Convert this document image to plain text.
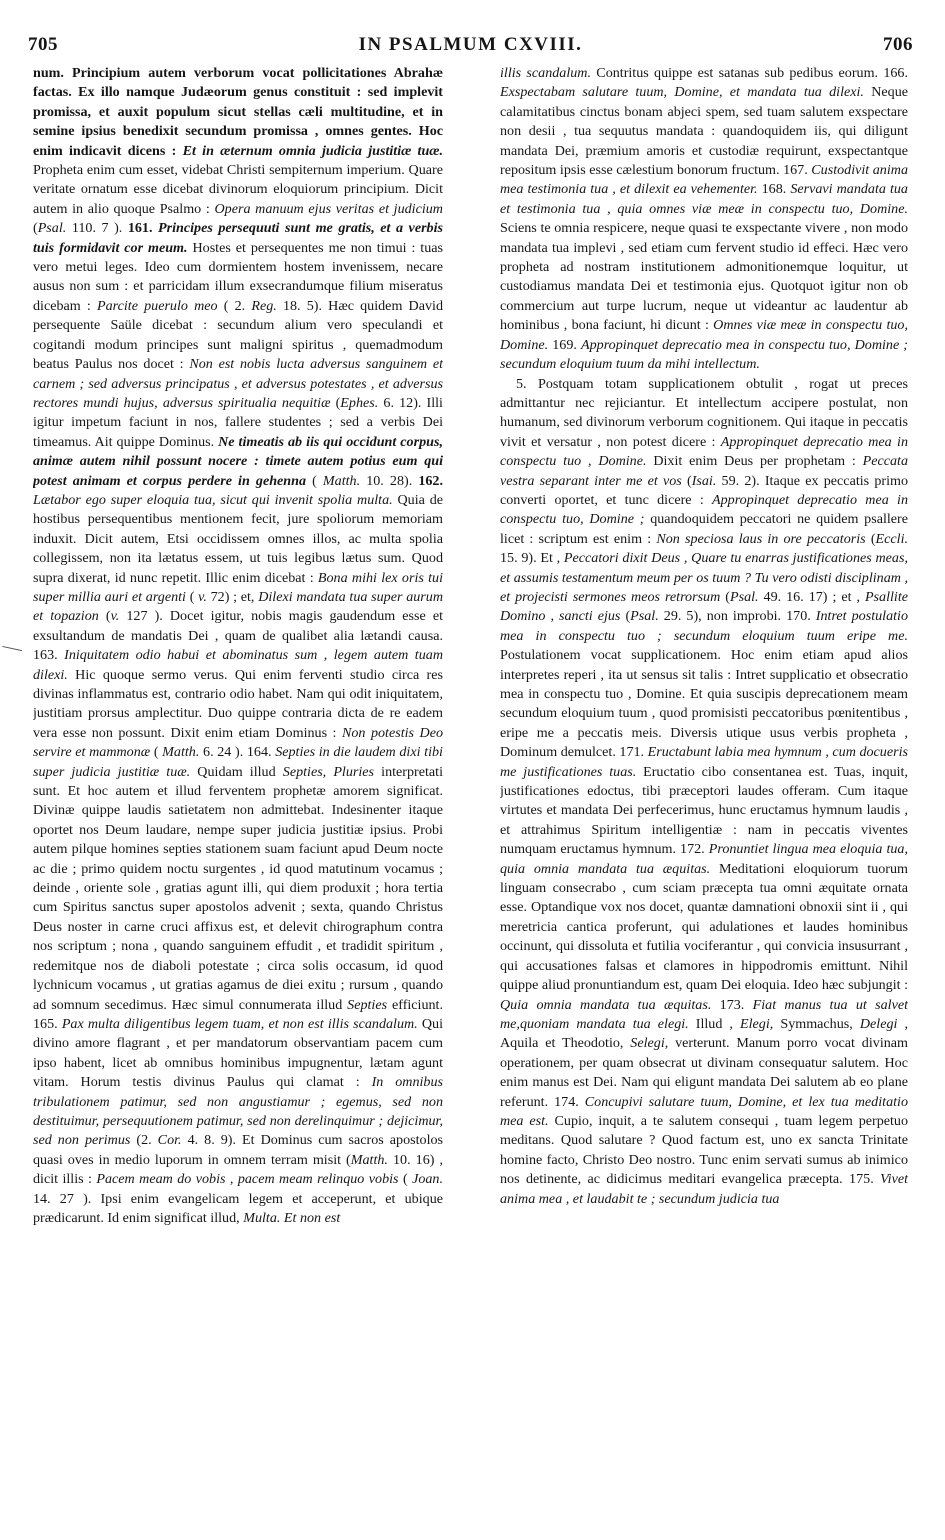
705	IN PSALMUM CXVIII.	706

num. Principium autem verborum vocat pollicitationes Abrahæ factas. Ex illo namque Judæorum genus constituit : sed implevit promissa, et auxit populum sicut stellas cæli multitudine, et in semine ipsius benedixit secundum promissa , omnes gentes. Hoc enim indicavit dicens : Et in æternum omnia judicia justitiæ tuæ. Propheta enim cum esset, videbat Christi sempiternum imperium. Quare veritate ornatum esse dicebat divinorum eloquiorum principium. Dicit autem in alio quoque Psalmo : Opera manuum ejus veritas et judicium (Psal. 110. 7 ). 161. Principes persequuti sunt me gratis, et a verbis tuis formidavit cor meum. Hostes et persequentes me non timui : tuas vero metui leges. Ideo cum dormientem hostem invenissem, necare ausus non sum : et parricidam illum exsecrandumque filium miseratus dicebam : Parcite puerulo meo ( 2. Reg. 18. 5). Hæc quidem David persequente Saüle dicebat : secundum alium vero speculandi et cogitandi modum principes sunt maligni spiritus , quemadmodum beatus Paulus nos docet : Non est nobis lucta adversus sanguinem et carnem ; sed adversus principatus , et adversus potestates , et adversus rectores mundi hujus, adversus spiritualia nequitiæ (Ephes. 6. 12). Illi igitur impetum faciunt in nos, fallere studentes ; sed a verbis Dei timeamus. Ait quippe Dominus. Ne timeatis ab iis qui occidunt corpus, animæ autem nihil possunt nocere : timete autem potius eum qui potest animam et corpus perdere in gehenna ( Matth. 10. 28). 162. Lætabor ego super eloquia tua, sicut qui invenit spolia multa. Quia de hostibus persequentibus mentionem fecit, jure spoliorum memoriam induxit. Dicit autem, Etsi occidissem omnes illos, ac multa spolia collegissem, non ita lætatus essem, ut tuis legibus lætus sum. Quod supra dixerat, id nunc repetit. Illic enim dicebat : Bona mihi lex oris tui super millia auri et argenti ( v. 72) ; et, Dilexi mandata tua super aurum et topazion (v. 127 ). Docet igitur, nobis magis gaudendum esse et exsultandum de mandatis Dei , quam de qualibet alia lætandi causa. 163. Iniquitatem odio habui et abominatus sum , legem autem tuam dilexi. Hic quoque sermo verus. Qui enim ferventi studio circa res divinas inflammatus est, contrario odio habet. Nam qui odit iniquitatem, justitiam prorsus amplectitur. Duo quippe contraria dicta de re eadem vera esse non possunt. Dixit enim etiam Dominus : Non potestis Deo servire et mammonæ ( Matth. 6. 24 ). 164. Septies in die laudem dixi tibi super judicia justitiæ tuæ. Quidam illud Septies, Pluries interpretati sunt. Et hoc autem et illud ferventem prophetæ amorem significat. Divinæ quippe laudis satietatem non admittebat. Indesinenter itaque oportet nos Deum laudare, nempe super judicia justitiæ ipsius. Probi autem pilque homines septies stationem suam faciunt apud Deum nocte ac die ; primo quidem noctu surgentes , id quod matutinum vocamus ; deinde , oriente sole , gratias agunt illi, qui diem produxit ; hora tertia cum Spiritus sanctus super apostolos advenit ; sexta, quando Christus Deus noster in carne cruci affixus est, et delevit chirographum contra nos scriptum ; nona , quando sanguinem effudit , et tradidit spiritum , redemitque nos de diaboli potestate ; circa solis occasum, id quod lychnicum vocamus , ut gratias agamus de diei exitu ; rursum , quando ad somnum secedimus. Hæc simul connumerata illud Septies efficiunt. 165. Pax multa diligentibus legem tuam, et non est illis scandalum. Qui divino amore flagrant , et per mandatorum observantiam pacem cum ipso habent, licet ab omnibus hominibus impugnentur, lætam agunt vitam. Horum testis divinus Paulus qui clamat : In omnibus tribulationem patimur, sed non angustiamur ; egemus, sed non destituimur, persequutionem patimur, sed non derelinquimur ; dejicimur, sed non perimus (2. Cor. 4. 8. 9). Et Dominus cum sacros apostolos quasi oves in medio luporum in omnem terram misit (Matth. 10. 16) , dicit illis : Pacem meam do vobis , pacem meam relinquo vobis ( Joan. 14. 27 ). Ipsi enim evangelicam legem et acceperunt, et ubique prædicarunt. Id enim significat illud, Multa. Et non est

illis scandalum. Contritus quippe est satanas sub pedibus eorum. 166. Exspectabam salutare tuum, Domine, et mandata tua dilexi. Neque calamitatibus cinctus bonam abjeci spem, sed tuam salutem exspectare non desii , tua sequutus mandata : quandoquidem iis, qui diligunt mandata Dei, præmium amoris et custodiæ requirunt, exspectantque repositum ipsis esse cælestium bonorum fructum. 167. Custodivit anima mea testimonia tua , et dilexit ea vehementer. 168. Servavi mandata tua et testimonia tua , quia omnes viæ meæ in conspectu tuo, Domine. Sciens te omnia respicere, neque quasi te exspectante vivere , non modo mandata tua implevi , sed etiam cum fervent studio id effeci. Hæc vero propheta ad nostram institutionem admonitionemque loquitur, ut custodiamus mandata Dei et testimonia ejus. Quotquot igitur non ob commercium aut turpe lucrum, neque ut videantur ac laudentur ab hominibus , bona faciunt, hi dicunt : Omnes viæ meæ in conspectu tuo, Domine. 169. Appropinquet deprecatio mea in conspectu tuo, Domine ; secundum eloquium tuum da mihi intellectum.

5. Postquam totam supplicationem obtulit , rogat ut preces admittantur nec rejiciantur. Et intellectum accipere postulat, non humanum, sed divinorum verborum cognitionem. Qui itaque in peccatis vivit et versatur , non potest dicere : Appropinquet deprecatio mea in conspectu tuo , Domine. Dixit enim Deus per prophetam : Peccata vestra separant inter me et vos (Isai. 59. 2). Itaque ex peccatis primo converti oportet, et tunc dicere : Appropinquet deprecatio mea in conspectu tuo, Domine ; quandoquidem peccatori ne quidem psallere licet : scriptum est enim : Non speciosa laus in ore peccatoris (Eccli. 15. 9). Et , Peccatori dixit Deus , Quare tu enarras justificationes meas, et assumis testamentum meum per os tuum ? Tu vero odisti disciplinam , et projecisti sermones meos retrorsum (Psal. 49. 16. 17) ; et , Psallite Domino , sancti ejus (Psal. 29. 5), non improbi. 170. Intret postulatio mea in conspectu tuo ; secundum eloquium tuum eripe me. Postulationem vocat supplicationem. Hoc enim etiam apud alios interpretes reperi , ita ut sensus sit talis : Intret supplicatio et obsecratio mea in conspectu tuo , Domine. Et quia suscipis deprecationem meam secundum eloquium tuum , quod promisisti peccatoribus pœnitentibus , eripe me a peccatis meis. Diversis utique usus verbis propheta , Dominum demulcet. 171. Eructabunt labia mea hymnum , cum docueris me justificationes tuas. Eructatio cibo consentanea est. Tuas, inquit, justificationes edoctus, tibi præceptori laudes offeram. Cum itaque virtutes et mandata Dei perfecerimus, hunc eructamus hymnum laudis , et attrahimus Spiritum intelligentiæ : nam in peccatis viventes numquam eructamus hymnum. 172. Pronuntiet lingua mea eloquia tua, quia omnia mandata tua æquitas. Meditationi eloquiorum tuorum linguam consecrabo , cum sciam præcepta tua omni æquitate ornata esse. Optandique vox nos docet, quantæ damnationi obnoxii sint ii , qui meretricia cantica proferunt, qui adulationes et laudes hominibus occinunt, qui dissoluta et futilia vociferantur , qui convicia insusurrant , qui accusationes falsas et clamores in hippodromis emittunt. Nihil quippe aliud pronuntiandum est, quam Dei eloquia. Ideo hæc subjungit : Quia omnia mandata tua æquitas. 173. Fiat manus tua ut salvet me,quoniam mandata tua elegi. Illud , Elegi, Symmachus, Delegi , Aquila et Theodotio, Selegi, verterunt. Manum porro vocat divinam operationem, per quam obsecrat ut divinam consequatur salutem. Hoc enim manus est Dei. Nam qui eligunt mandata Dei salutem ab eo plane referunt. 174. Concupivi salutare tuum, Domine, et lex tua meditatio mea est. Cupio, inquit, a te salutem consequi , tuam legem perpetuo meditans. Quod salutare ? Quod factum est, uno ex sancta Trinitate homine facto, Christo Deo nostro. Tunc enim servati sumus ab inimico nos detinente, ac didicimus meditari evangelica præcepta. 175. Vivet anima mea , et laudabit te ; secundum judicia tua
